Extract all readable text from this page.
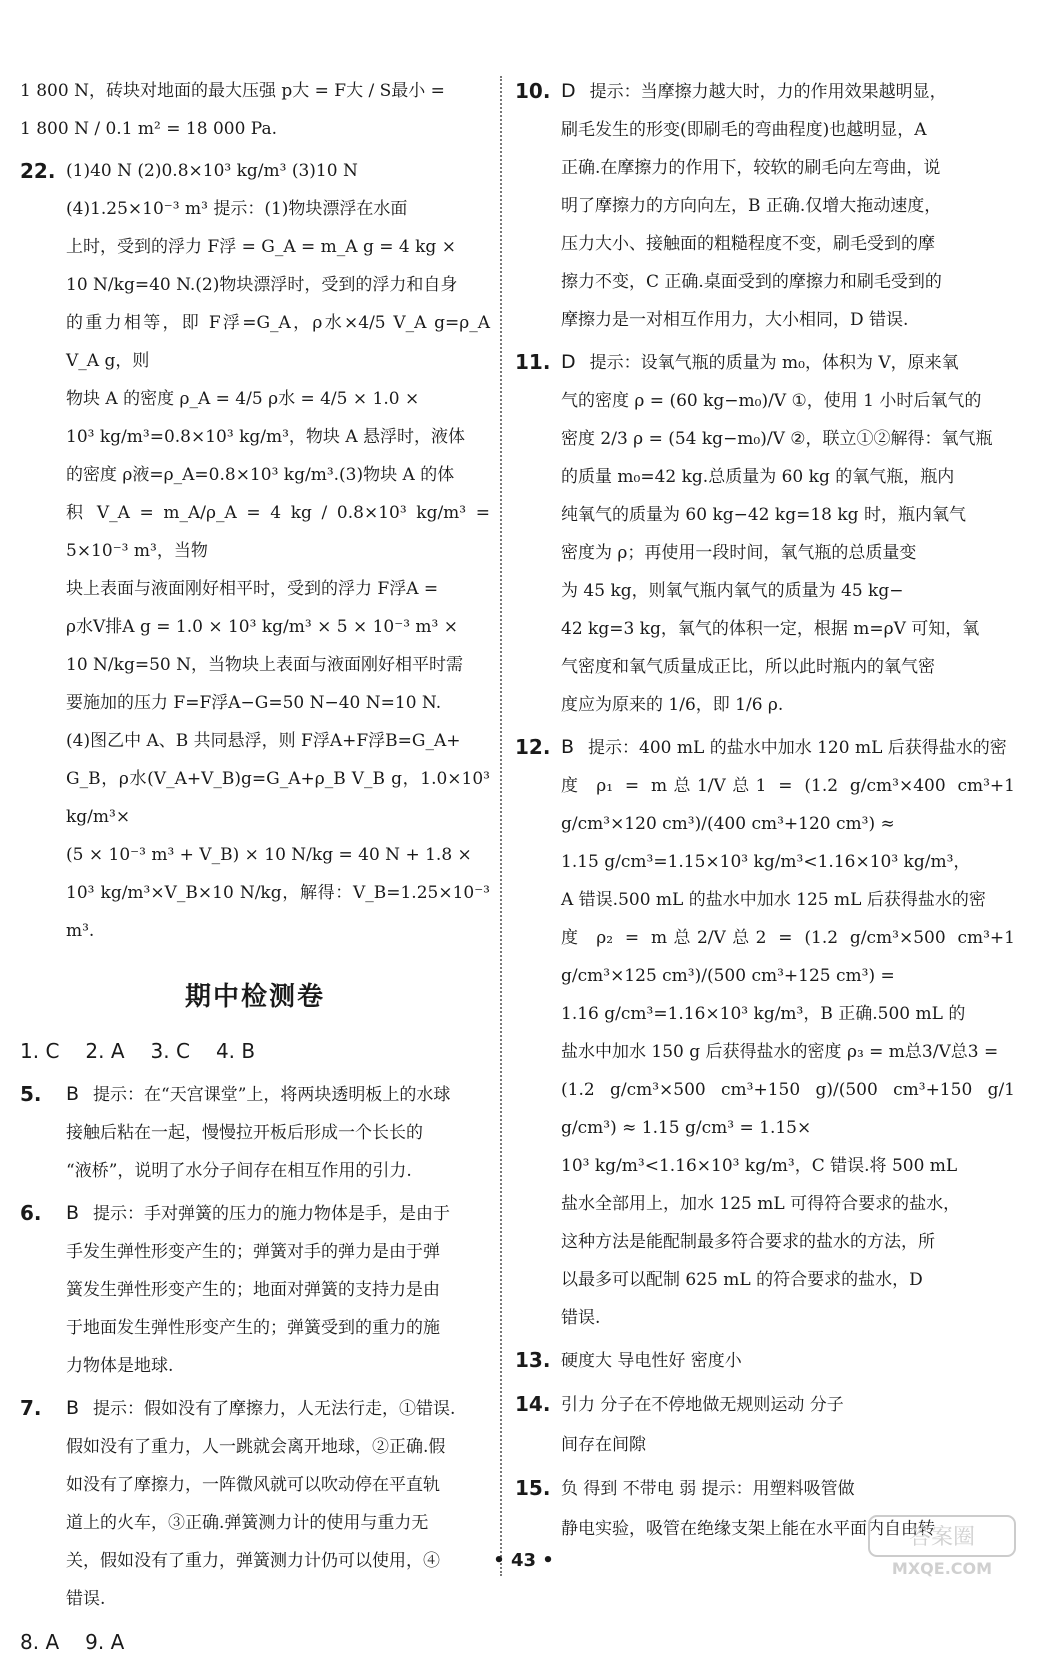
1 800 N，砖块对地面的最大压强 p大 = F大 / S最小 =

1 800 N / 0.1 m² = 18 000 Pa.

22. (1)40 N (2)0.8×10³ kg/m³ (3)10 N

(4)1.25×10⁻³ m³ 提示：(1)物块漂浮在水面

上时，受到的浮力 F浮 = G_A = m_A g = 4 kg ×

10 N/kg=40 N.(2)物块漂浮时，受到的浮力和自身

的重力相等，即 F浮=G_A，ρ水×4/5 V_A g=ρ_A V_A g，则

物块 A 的密度 ρ_A = 4/5 ρ水 = 4/5 × 1.0 ×

10³ kg/m³=0.8×10³ kg/m³，物块 A 悬浮时，液体

的密度 ρ液=ρ_A=0.8×10³ kg/m³.(3)物块 A 的体

积 V_A = m_A/ρ_A = 4 kg / 0.8×10³ kg/m³ = 5×10⁻³ m³，当物

块上表面与液面刚好相平时，受到的浮力 F浮A =

ρ水V排A g = 1.0 × 10³ kg/m³ × 5 × 10⁻³ m³ ×

10 N/kg=50 N，当物块上表面与液面刚好相平时需

要施加的压力 F=F浮A−G=50 N−40 N=10 N.

(4)图乙中 A、B 共同悬浮，则 F浮A+F浮B=G_A+

G_B，ρ水(V_A+V_B)g=G_A+ρ_B V_B g，1.0×10³ kg/m³×

(5 × 10⁻³ m³ + V_B) × 10 N/kg = 40 N + 1.8 ×

10³ kg/m³×V_B×10 N/kg，解得：V_B=1.25×10⁻³ m³.

期中检测卷
1. C 2. A 3. C 4. B
5.	B 提示：在“天宫课堂”上，将两块透明板上的水球

接触后粘在一起，慢慢拉开板后形成一个长长的

“液桥”，说明了水分子间存在相互作用的引力.

6.	B 提示：手对弹簧的压力的施力物体是手，是由于

手发生弹性形变产生的；弹簧对手的弹力是由于弹

簧发生弹性形变产生的；地面对弹簧的支持力是由

于地面发生弹性形变产生的；弹簧受到的重力的施

力物体是地球.

7.	B 提示：假如没有了摩擦力，人无法行走，①错误.

假如没有了重力，人一跳就会离开地球，②正确.假

如没有了摩擦力，一阵微风就可以吹动停在平直轨

道上的火车，③正确.弹簧测力计的使用与重力无

关，假如没有了重力，弹簧测力计仍可以使用，④

错误.

8. A 9. A
10. D 提示：当摩擦力越大时，力的作用效果越明显，

刷毛发生的形变(即刷毛的弯曲程度)也越明显，A

正确.在摩擦力的作用下，较软的刷毛向左弯曲，说

明了摩擦力的方向向左，B 正确.仅增大拖动速度，

压力大小、接触面的粗糙程度不变，刷毛受到的摩

擦力不变，C 正确.桌面受到的摩擦力和刷毛受到的

摩擦力是一对相互作用力，大小相同，D 错误.

11. D 提示：设氧气瓶的质量为 m₀，体积为 V，原来氧

气的密度 ρ = (60 kg−m₀)/V ①，使用 1 小时后氧气的

密度 2/3 ρ = (54 kg−m₀)/V ②，联立①②解得：氧气瓶

的质量 m₀=42 kg.总质量为 60 kg 的氧气瓶，瓶内

纯氧气的质量为 60 kg−42 kg=18 kg 时，瓶内氧气

密度为 ρ；再使用一段时间，氧气瓶的总质量变

为 45 kg，则氧气瓶内氧气的质量为 45 kg−

42 kg=3 kg，氧气的体积一定，根据 m=ρV 可知，氧

气密度和氧气质量成正比，所以此时瓶内的氧气密

度应为原来的 1/6，即 1/6 ρ.

12. B 提示：400 mL 的盐水中加水 120 mL 后获得盐水的密

度 ρ₁ = m总1/V总1 = (1.2 g/cm³×400 cm³+1 g/cm³×120 cm³)/(400 cm³+120 cm³) ≈

1.15 g/cm³=1.15×10³ kg/m³<1.16×10³ kg/m³，

A 错误.500 mL 的盐水中加水 125 mL 后获得盐水的密

度 ρ₂ = m总2/V总2 = (1.2 g/cm³×500 cm³+1 g/cm³×125 cm³)/(500 cm³+125 cm³) =

1.16 g/cm³=1.16×10³ kg/m³，B 正确.500 mL 的

盐水中加水 150 g 后获得盐水的密度 ρ₃ = m总3/V总3 =

(1.2 g/cm³×500 cm³+150 g)/(500 cm³+150 g/1 g/cm³) ≈ 1.15 g/cm³ = 1.15×

10³ kg/m³<1.16×10³ kg/m³，C 错误.将 500 mL

盐水全部用上，加水 125 mL 可得符合要求的盐水，

这种方法是能配制最多符合要求的盐水的方法，所

以最多可以配制 625 mL 的符合要求的盐水，D

错误.

13. 硬度大 导电性好 密度小

14. 引力 分子在不停地做无规则运动 分子

间存在间隙

15. 负 得到 不带电 弱 提示：用塑料吸管做

静电实验，吸管在绝缘支架上能在水平面内自由转

• 43 •
答案圈
MXQE.COM
